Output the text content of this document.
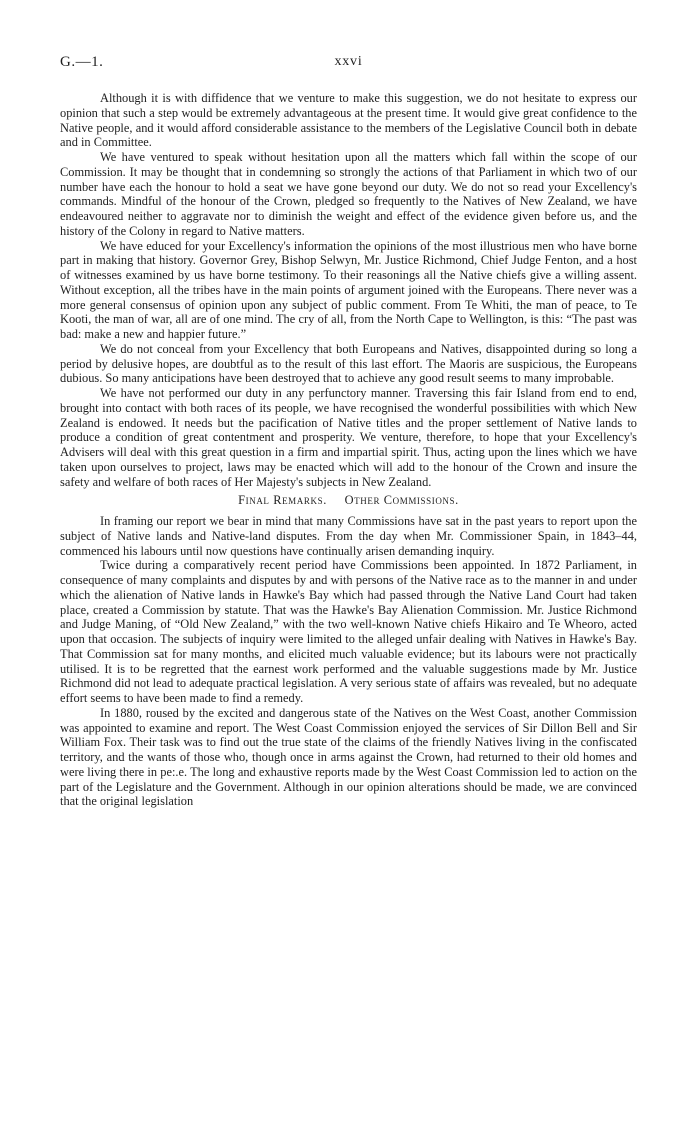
G.—1.	xxvi

Although it is with diffidence that we venture to make this suggestion, we do not hesitate to express our opinion that such a step would be extremely advantageous at the present time. It would give great confidence to the Native people, and it would afford considerable assistance to the members of the Legislative Council both in debate and in Committee.

We have ventured to speak without hesitation upon all the matters which fall within the scope of our Commission. It may be thought that in condemning so strongly the actions of that Parliament in which two of our number have each the honour to hold a seat we have gone beyond our duty. We do not so read your Excellency's commands. Mindful of the honour of the Crown, pledged so frequently to the Natives of New Zealand, we have endeavoured neither to aggravate nor to diminish the weight and effect of the evidence given before us, and the history of the Colony in regard to Native matters.

We have educed for your Excellency's information the opinions of the most illustrious men who have borne part in making that history. Governor Grey, Bishop Selwyn, Mr. Justice Richmond, Chief Judge Fenton, and a host of witnesses examined by us have borne testimony. To their reasonings all the Native chiefs give a willing assent. Without exception, all the tribes have in the main points of argument joined with the Europeans. There never was a more general consensus of opinion upon any subject of public comment. From Te Whiti, the man of peace, to Te Kooti, the man of war, all are of one mind. The cry of all, from the North Cape to Wellington, is this: “The past was bad: make a new and happier future.”

We do not conceal from your Excellency that both Europeans and Natives, disappointed during so long a period by delusive hopes, are doubtful as to the result of this last effort. The Maoris are suspicious, the Europeans dubious. So many anticipations have been destroyed that to achieve any good result seems to many improbable.

We have not performed our duty in any perfunctory manner. Traversing this fair Island from end to end, brought into contact with both races of its people, we have recognised the wonderful possibilities with which New Zealand is endowed. It needs but the pacification of Native titles and the proper settlement of Native lands to produce a condition of great contentment and prosperity. We venture, therefore, to hope that your Excellency's Advisers will deal with this great question in a firm and impartial spirit. Thus, acting upon the lines which we have taken upon ourselves to project, laws may be enacted which will add to the honour of the Crown and insure the safety and welfare of both races of Her Majesty's subjects in New Zealand.

Final Remarks. Other Commissions.

In framing our report we bear in mind that many Commissions have sat in the past years to report upon the subject of Native lands and Native-land disputes. From the day when Mr. Commissioner Spain, in 1843–44, commenced his labours until now questions have continually arisen demanding inquiry.

Twice during a comparatively recent period have Commissions been appointed. In 1872 Parliament, in consequence of many complaints and disputes by and with persons of the Native race as to the manner in and under which the alienation of Native lands in Hawke's Bay which had passed through the Native Land Court had taken place, created a Commission by statute. That was the Hawke's Bay Alienation Commission. Mr. Justice Richmond and Judge Maning, of “Old New Zealand,” with the two well-known Native chiefs Hikairo and Te Wheoro, acted upon that occasion. The subjects of inquiry were limited to the alleged unfair dealing with Natives in Hawke's Bay. That Commission sat for many months, and elicited much valuable evidence; but its labours were not practically utilised. It is to be regretted that the earnest work performed and the valuable suggestions made by Mr. Justice Richmond did not lead to adequate practical legislation. A very serious state of affairs was revealed, but no adequate effort seems to have been made to find a remedy.

In 1880, roused by the excited and dangerous state of the Natives on the West Coast, another Commission was appointed to examine and report. The West Coast Commission enjoyed the services of Sir Dillon Bell and Sir William Fox. Their task was to find out the true state of the claims of the friendly Natives living in the confiscated territory, and the wants of those who, though once in arms against the Crown, had returned to their old homes and were living there in pe:.e. The long and exhaustive reports made by the West Coast Commission led to action on the part of the Legislature and the Government. Although in our opinion alterations should be made, we are convinced that the original legislation
